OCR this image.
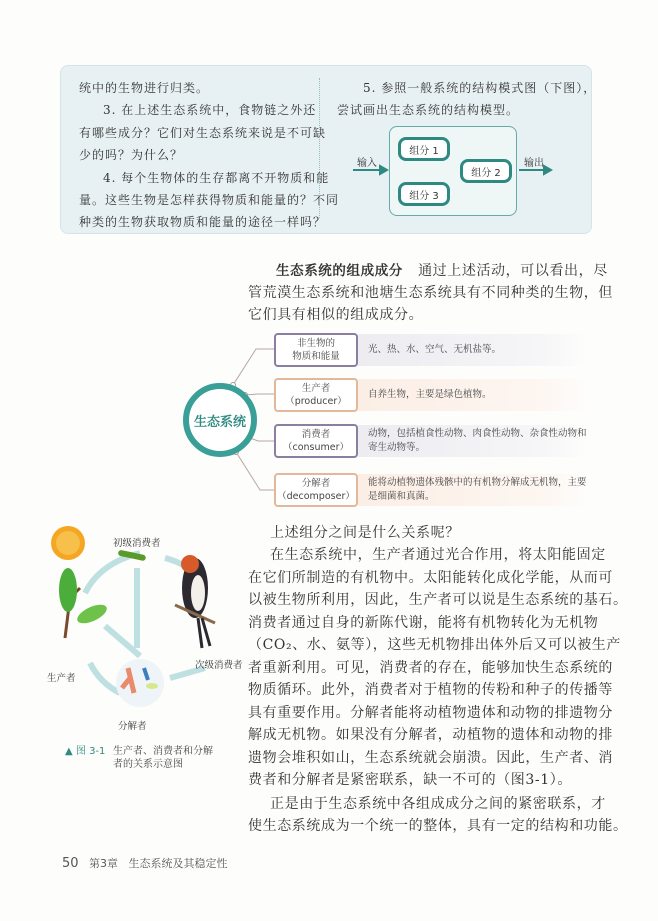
统中的生物进行归类。
3. 在上述生态系统中，食物链之外还
有哪些成分？它们对生态系统来说是不可缺
少的吗？为什么？
4. 每个生物体的生存都离不开物质和能
量。这些生物是怎样获得物质和能量的？不同
种类的生物获取物质和能量的途径一样吗？
5. 参照一般系统的结构模式图（下图），
尝试画出生态系统的结构模型。
组分 1
组分 2
组分 3
输入	输出
生态系统的组成成分 通过上述活动，可以看出，尽
管荒漠生态系统和池塘生态系统具有不同种类的生物，但
它们具有相似的组成成分。
生态系统
光、热、水、空气、无机盐等。
非生物的
物质和能量
自养生物，主要是绿色植物。
生产者
（producer）
动物，包括植食性动物、肉食性动物、杂食性动物和寄生动物等。
消费者
（consumer）
能将动植物遗体残骸中的有机物分解成无机物，主要是细菌和真菌。
分解者
（decomposer）
初级消费者
次级消费者
生产者
分解者
▲ 图 3-1 生产者、消费者和分解
者的关系示意图
上述组分之间是什么关系呢？
在生态系统中，生产者通过光合作用，将太阳能固定
在它们所制造的有机物中。太阳能转化成化学能，从而可
以被生物所利用，因此，生产者可以说是生态系统的基石。
消费者通过自身的新陈代谢，能将有机物转化为无机物
（CO₂、水、氨等），这些无机物排出体外后又可以被生产
者重新利用。可见，消费者的存在，能够加快生态系统的
物质循环。此外，消费者对于植物的传粉和种子的传播等
具有重要作用。分解者能将动植物遗体和动物的排遗物分
解成无机物。如果没有分解者，动植物的遗体和动物的排
遗物会堆积如山，生态系统就会崩溃。因此，生产者、消
费者和分解者是紧密联系，缺一不可的（图3-1）。
正是由于生态系统中各组成成分之间的紧密联系，才
使生态系统成为一个统一的整体，具有一定的结构和功能。
50 第3章 生态系统及其稳定性
